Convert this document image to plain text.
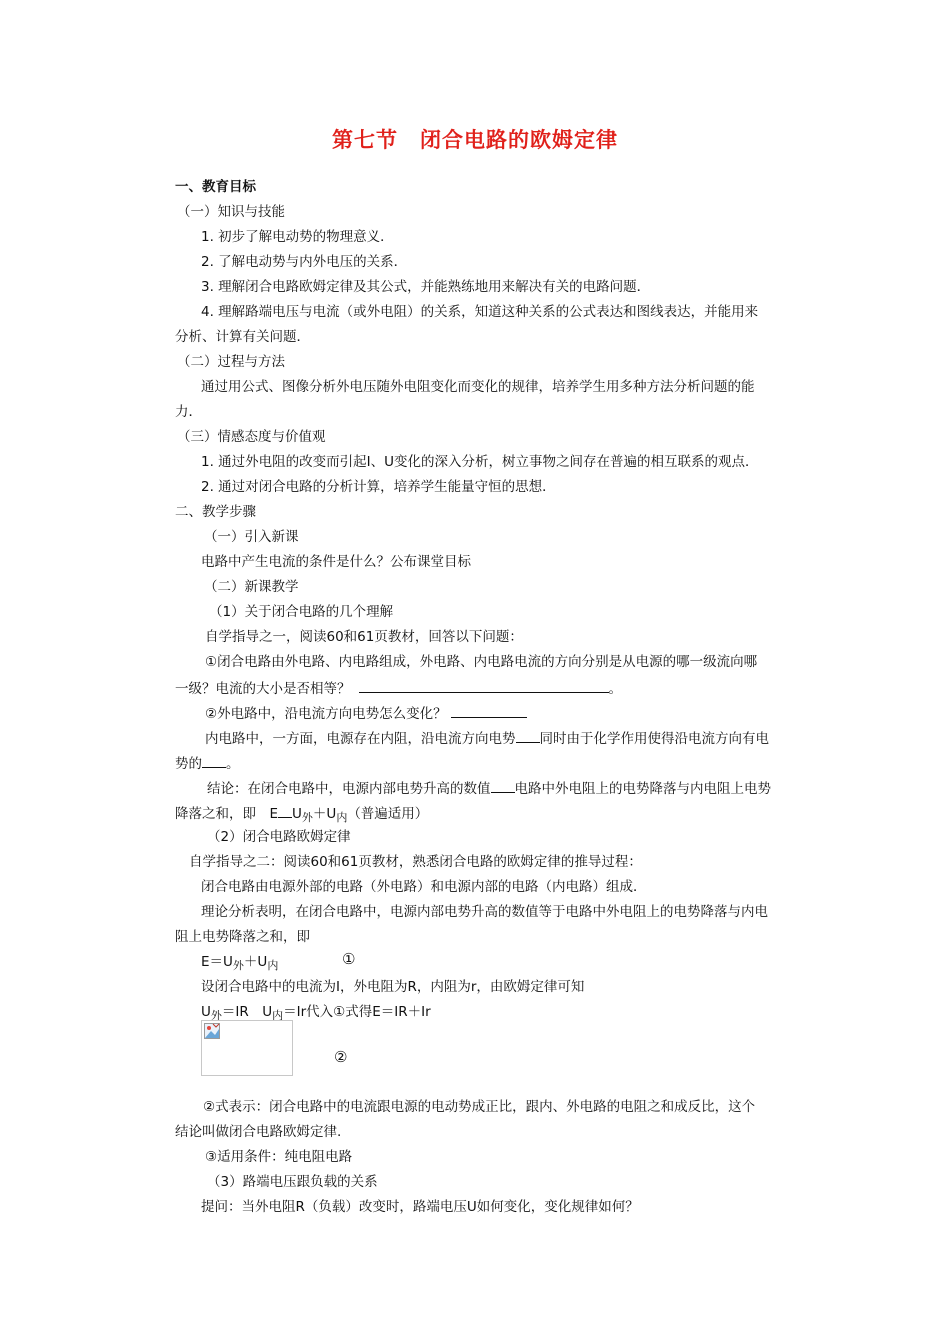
第七节　闭合电路的欧姆定律
一、教育目标
（一）知识与技能
1. 初步了解电动势的物理意义．
2. 了解电动势与内外电压的关系．
3. 理解闭合电路欧姆定律及其公式，并能熟练地用来解决有关的电路问题．
4. 理解路端电压与电流（或外电阻）的关系，知道这种关系的公式表达和图线表达，并能用来
分析、计算有关问题．
（二）过程与方法
通过用公式、图像分析外电压随外电阻变化而变化的规律，培养学生用多种方法分析问题的能
力．
（三）情感态度与价值观
1. 通过外电阻的改变而引起I、U变化的深入分析，树立事物之间存在普遍的相互联系的观点．
2. 通过对闭合电路的分析计算，培养学生能量守恒的思想．
二、教学步骤
（一）引入新课
电路中产生电流的条件是什么？公布课堂目标
（二）新课教学
（1）关于闭合电路的几个理解
自学指导之一，阅读60和61页教材，回答以下问题：
①闭合电路由外电路、内电路组成，外电路、内电路电流的方向分别是从电源的哪一级流向哪
一级？电流的大小是否相等？	。
②外电路中，沿电流方向电势怎么变化？
内电路中，一方面，电源存在内阻，沿电流方向电势 同时由于化学作用使得沿电流方向有电
势的 。
结论：在闭合电路中，电源内部电势升高的数值 电路中外电阻上的电势降落与内电阻上电势
降落之和，即　E $U_外+U_内$（普遍适用）
（2）闭合电路欧姆定律
自学指导之二：阅读60和61页教材，熟悉闭合电路的欧姆定律的推导过程：
闭合电路由电源外部的电路（外电路）和电源内部的电路（内电路）组成．
理论分析表明，在闭合电路中，电源内部电势升高的数值等于电路中外电阻上的电势降落与内电
阻上电势降落之和，即
$E=U_外+U_内$	①
设闭合电路中的电流为I，外电阻为R，内阻为r，由欧姆定律可知
$U_外=IR$　$U_内=Ir$代入①式得E＝IR＋Ir
②
②式表示：闭合电路中的电流跟电源的电动势成正比，跟内、外电路的电阻之和成反比，这个
结论叫做闭合电路欧姆定律.
③适用条件：纯电阻电路
（3）路端电压跟负载的关系
提问：当外电阻R（负载）改变时，路端电压U如何变化，变化规律如何？
